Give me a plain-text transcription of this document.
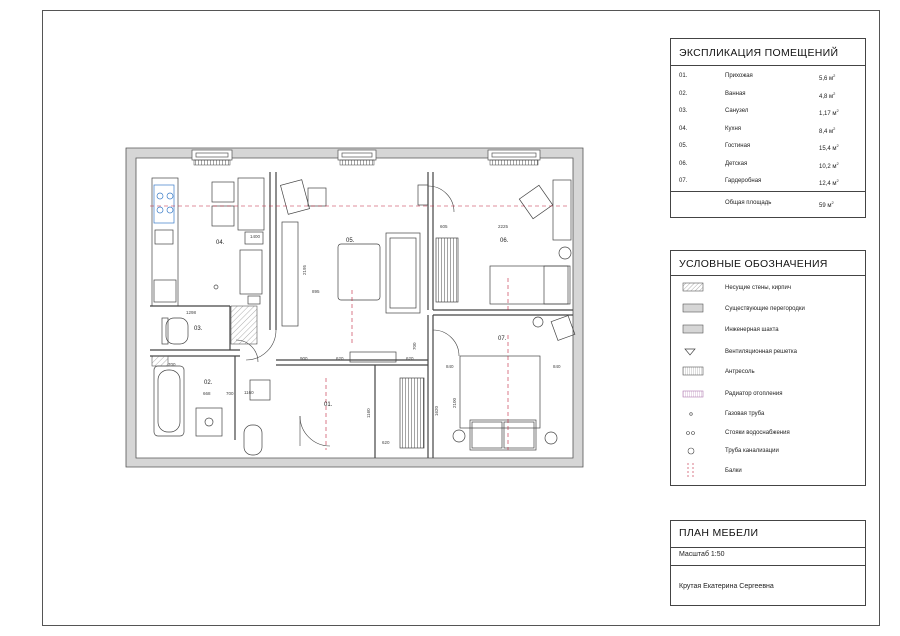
04.	05.	06.
03.
02.
01.
07.
2225
605
2195
895
1298
900	620	620
840	840
2100
1620
1160
1160
700
668
700
700
1400
620
ЭКСПЛИКАЦИЯ ПОМЕЩЕНИЙ
01.	Прихожая	5,6 $м^2$
02.	Ванная	4,8 $м^2$
03.	Санузел	1,17 $м^2$
04.	Кухня	8,4 $м^2$
05.	Гостиная	15,4 $м^2$
06.	Детская	10,2 $м^2$
07.	Гардеробная	12,4 $м^2$
Общая площадь	59 $м^2$
УСЛОВНЫЕ ОБОЗНАЧЕНИЯ
Несущие стены, кирпич
Существующие перегородки
Инженерная шахта
Вентиляционная решетка
Антресоль
Радиатор отопления
Газовая труба
Стояки водоснабжения
Труба канализации
Балки
ПЛАН МЕБЕЛИ
Масштаб 1:50
Крутая Екатерина Сергеевна
